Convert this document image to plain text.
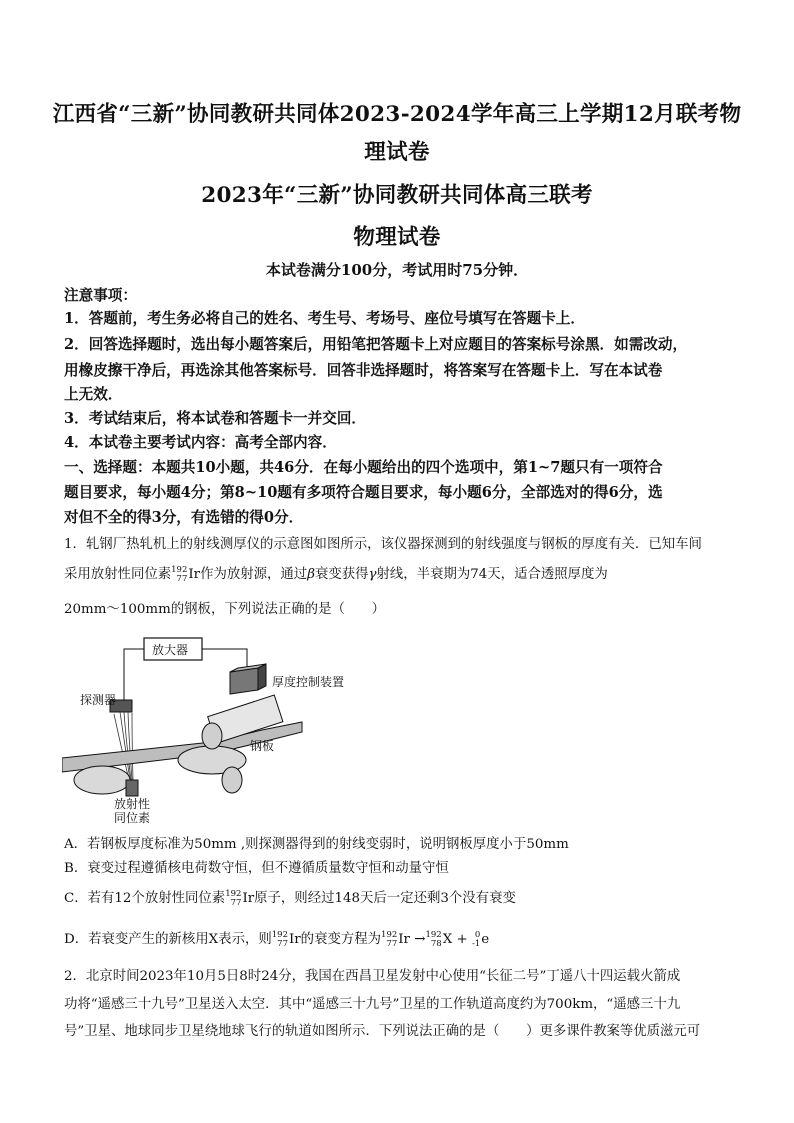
江西省“三新”协同教研共同体2023-2024学年高三上学期12月联考物
理试卷
2023年“三新”协同教研共同体高三联考
物理试卷
本试卷满分100分，考试用时75分钟．
注意事项：
1．答题前，考生务必将自己的姓名、考生号、考场号、座位号填写在答题卡上．
2．回答选择题时，选出每小题答案后，用铅笔把答题卡上对应题目的答案标号涂黑．如需改动，
用橡皮擦干净后，再选涂其他答案标号．回答非选择题时，将答案写在答题卡上．写在本试卷
上无效．
3．考试结束后，将本试卷和答题卡一并交回．
4．本试卷主要考试内容：高考全部内容．
一、选择题：本题共10小题，共46分．在每小题给出的四个选项中，第1~7题只有一项符合
题目要求，每小题4分；第8~10题有多项符合题目要求，每小题6分，全部选对的得6分，选
对但不全的得3分，有选错的得0分．
1．轧钢厂热轧机上的射线测厚仪的示意图如图所示，该仪器探测到的射线强度与钢板的厚度有关．已知车间
采用放射性同位素 192
77 Ir作为放射源，通过β衰变获得γ射线，半衰期为74天，适合透照厚度为
20mm～100mm的钢板，下列说法正确的是（　　）
放大器
厚度控制装置
探测器
钢板
放射性
同位素
A．若钢板厚度标准为50mm ,则探测器得到的射线变弱时，说明钢板厚度小于50mm
B．衰变过程遵循核电荷数守恒，但不遵循质量数守恒和动量守恒
C．若有12个放射性同位素 192
77 Ir原子，则经过148天后一定还剩3个没有衰变
D．若衰变产生的新核用X表示，则 192
77 Ir的衰变方程为 192
77 Ir → 192
78 X + 0
-1 e
2．北京时间2023年10月5日8时24分，我国在西昌卫星发射中心使用“长征二号”丁遥八十四运载火箭成
功将“遥感三十九号”卫星送入太空．其中“遥感三十九号”卫星的工作轨道高度约为700km，“遥感三十九
号”卫星、地球同步卫星绕地球飞行的轨道如图所示．下列说法正确的是（　　）更多课件教案等优质滋元可
